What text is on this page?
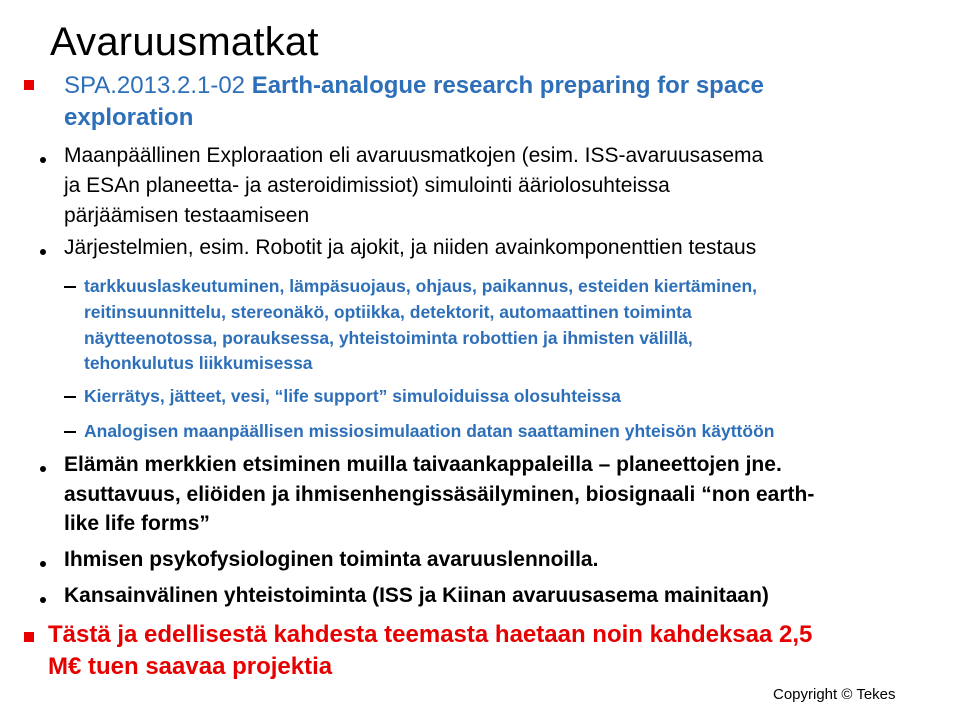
Avaruusmatkat
SPA.2013.2.1-02 Earth-analogue research preparing for space
exploration
Maanpäällinen Exploraation eli avaruusmatkojen (esim. ISS-avaruusasema
ja ESAn planeetta- ja asteroidimissiot) simulointi ääriolosuhteissa
pärjäämisen testaamiseen
Järjestelmien, esim. Robotit ja ajokit, ja niiden avainkomponenttien testaus
tarkkuuslaskeutuminen, lämpäsuojaus, ohjaus, paikannus, esteiden kiertäminen,
reitinsuunnittelu, stereonäkö, optiikka, detektorit, automaattinen toiminta
näytteenotossa, porauksessa, yhteistoiminta robottien ja ihmisten välillä,
tehonkulutus liikkumisessa
Kierrätys, jätteet, vesi, “life support” simuloiduissa olosuhteissa
Analogisen maanpäällisen missiosimulaation datan saattaminen yhteisön käyttöön
Elämän merkkien etsiminen muilla taivaankappaleilla – planeettojen jne.
asuttavuus, eliöiden ja ihmisenhengissäsäilyminen, biosignaali “non earth-
like life forms”
Ihmisen psykofysiologinen toiminta avaruuslennoilla.
Kansainvälinen yhteistoiminta (ISS ja Kiinan avaruusasema mainitaan)
Tästä ja edellisestä kahdesta teemasta haetaan noin kahdeksaa 2,5
M€ tuen saavaa projektia
Copyright © Tekes
